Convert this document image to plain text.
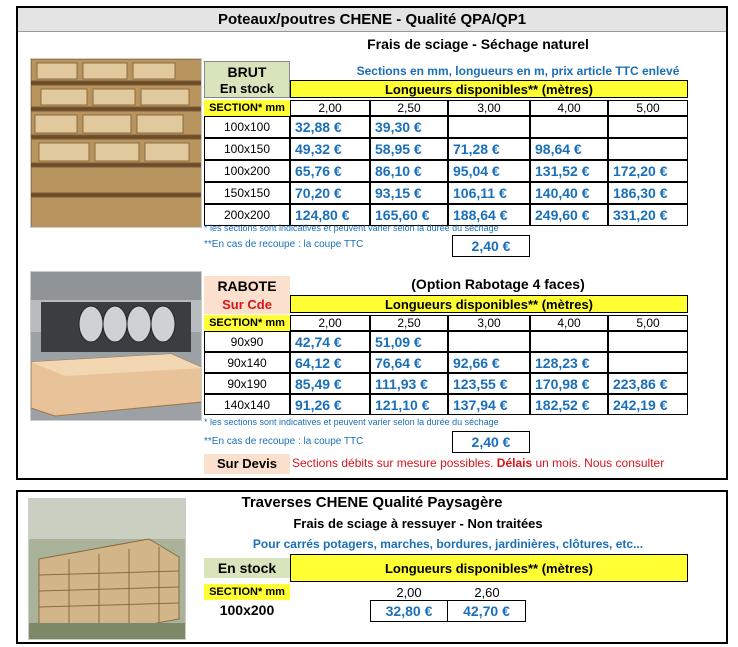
Poteaux/poutres CHENE - Qualité QPA/QP1
Frais de sciage - Séchage naturel
BRUT
En stock
Sections en mm, longueurs en m, prix article TTC enlevé
Longueurs disponibles** (mètres)
SECTION* mm	2,00	2,50	3,00	4,00	5,00
100x100	32,88 €	39,30 €
100x150	49,32 €	58,95 €	71,28 €	98,64 €
100x200	65,76 €	86,10 €	95,04 €	131,52 €	172,20 €
150x150	70,20 €	93,15 €	106,11 €	140,40 €	186,30 €
200x200	124,80 €	165,60 €	188,64 €	249,60 €	331,20 €
* les sections sont indicatives et peuvent varier selon la durée du séchage
**En cas de recoupe : la coupe TTC	2,40 €
RABOTE
Sur Cde
(Option Rabotage 4 faces)
Longueurs disponibles** (mètres)
SECTION* mm	2,00	2,50	3,00	4,00	5,00
90x90	42,74 €	51,09 €
90x140	64,12 €	76,64 €	92,66 €	128,23 €
90x190	85,49 €	111,93 €	123,55 €	170,98 €	223,86 €
140x140	91,26 €	121,10 €	137,94 €	182,52 €	242,19 €
* les sections sont indicatives et peuvent varier selon la durée du séchage
**En cas de recoupe : la coupe TTC	2,40 €
Sur Devis	Sections débits sur mesure possibles. Délais un mois. Nous consulter
Traverses CHENE Qualité Paysagère
Frais de sciage à ressuyer - Non traitées
Pour carrés potagers, marches, bordures, jardinières, clôtures, etc...
En stock	Longueurs disponibles** (mètres)
SECTION* mm	2,00	2,60
100x200	32,80 €	42,70 €
